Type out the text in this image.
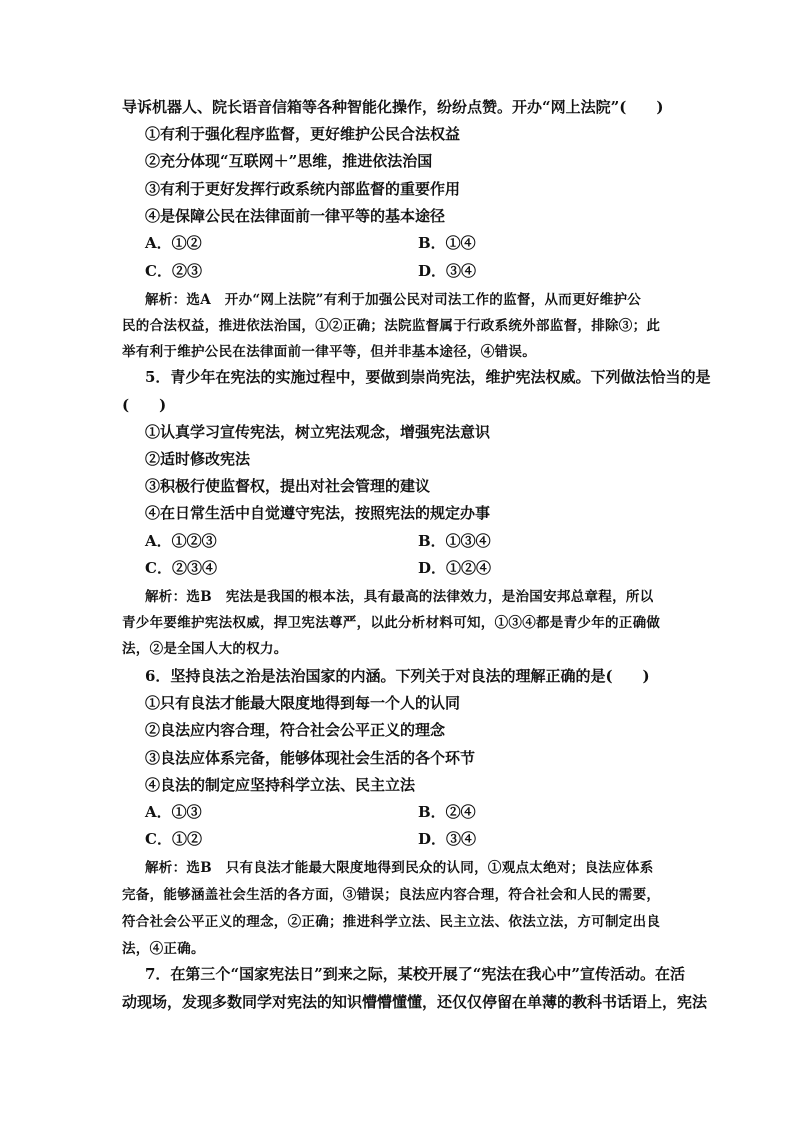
导诉机器人、院长语音信箱等各种智能化操作，纷纷点赞。开办“网上法院”(　　)
①有利于强化程序监督，更好维护公民合法权益
②充分体现“互联网＋”思维，推进依法治国
③有利于更好发挥行政系统内部监督的重要作用
④是保障公民在法律面前一律平等的基本途径
A．①②	B．①④
C．②③	D．③④
解析：选A　开办“网上法院”有利于加强公民对司法工作的监督，从而更好维护公
民的合法权益，推进依法治国，①②正确；法院监督属于行政系统外部监督，排除③；此
举有利于维护公民在法律面前一律平等，但并非基本途径，④错误。
5．青少年在宪法的实施过程中，要做到崇尚宪法，维护宪法权威。下列做法恰当的是
(　　)
①认真学习宣传宪法，树立宪法观念，增强宪法意识
②适时修改宪法
③积极行使监督权，提出对社会管理的建议
④在日常生活中自觉遵守宪法，按照宪法的规定办事
A．①②③	B．①③④
C．②③④	D．①②④
解析：选B　宪法是我国的根本法，具有最高的法律效力，是治国安邦总章程，所以
青少年要维护宪法权威，捍卫宪法尊严，以此分析材料可知，①③④都是青少年的正确做
法，②是全国人大的权力。
6．坚持良法之治是法治国家的内涵。下列关于对良法的理解正确的是(　　)
①只有良法才能最大限度地得到每一个人的认同
②良法应内容合理，符合社会公平正义的理念
③良法应体系完备，能够体现社会生活的各个环节
④良法的制定应坚持科学立法、民主立法
A．①③	B．②④
C．①②	D．③④
解析：选B　只有良法才能最大限度地得到民众的认同，①观点太绝对；良法应体系
完备，能够涵盖社会生活的各方面，③错误；良法应内容合理，符合社会和人民的需要，
符合社会公平正义的理念，②正确；推进科学立法、民主立法、依法立法，方可制定出良
法，④正确。
7．在第三个“国家宪法日”到来之际，某校开展了“宪法在我心中”宣传活动。在活
动现场，发现多数同学对宪法的知识懵懵懂懂，还仅仅停留在单薄的教科书话语上，宪法
